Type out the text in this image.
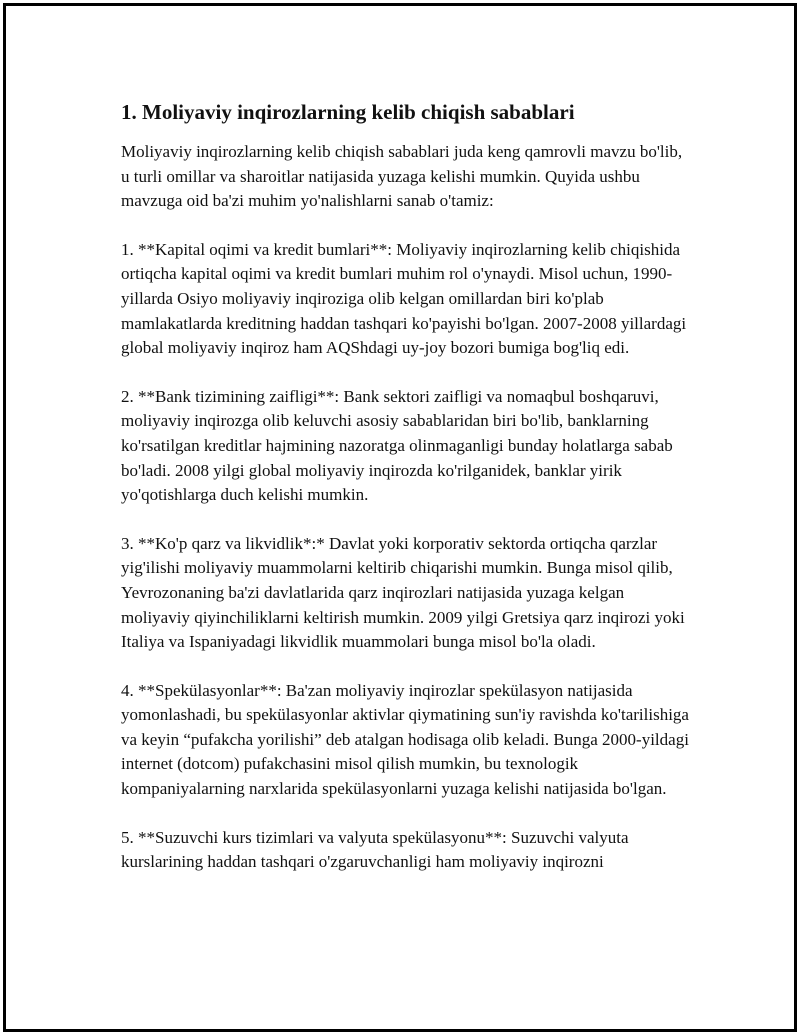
1. Moliyaviy inqirozlarning kelib chiqish sabablari

Moliyaviy inqirozlarning kelib chiqish sabablari juda keng qamrovli mavzu bo'lib, u turli omillar va sharoitlar natijasida yuzaga kelishi mumkin. Quyida ushbu mavzuga oid ba'zi muhim yo'nalishlarni sanab o'tamiz:

1. **Kapital oqimi va kredit bumlari**: Moliyaviy inqirozlarning kelib chiqishida ortiqcha kapital oqimi va kredit bumlari muhim rol o'ynaydi. Misol uchun, 1990-yillarda Osiyo moliyaviy inqiroziga olib kelgan omillardan biri ko'plab mamlakatlarda kreditning haddan tashqari ko'payishi bo'lgan. 2007-2008 yillardagi global moliyaviy inqiroz ham AQShdagi uy-joy bozori bumiga bog'liq edi.

2. **Bank tizimining zaifligi**: Bank sektori zaifligi va nomaqbul boshqaruvi, moliyaviy inqirozga olib keluvchi asosiy sabablaridan biri bo'lib, banklarning ko'rsatilgan kreditlar hajmining nazoratga olinmaganligi bunday holatlarga sabab bo'ladi. 2008 yilgi global moliyaviy inqirozda ko'rilganidek, banklar yirik yo'qotishlarga duch kelishi mumkin.

3. **Ko'p qarz va likvidlik*:* Davlat yoki korporativ sektorda ortiqcha qarzlar yig'ilishi moliyaviy muammolarni keltirib chiqarishi mumkin. Bunga misol qilib, Yevrozonaning ba'zi davlatlarida qarz inqirozlari natijasida yuzaga kelgan moliyaviy qiyinchiliklarni keltirish mumkin. 2009 yilgi Gretsiya qarz inqirozi yoki Italiya va Ispaniyadagi likvidlik muammolari bunga misol bo'la oladi.

4. **Spekülasyonlar**: Ba'zan moliyaviy inqirozlar spekülasyon natijasida yomonlashadi, bu spekülasyonlar aktivlar qiymatining sun'iy ravishda ko'tarilishiga va keyin “pufakcha yorilishi” deb atalgan hodisaga olib keladi. Bunga 2000-yildagi internet (dotcom) pufakchasini misol qilish mumkin, bu texnologik kompaniyalarning narxlarida spekülasyonlarni yuzaga kelishi natijasida bo'lgan.

5. **Suzuvchi kurs tizimlari va valyuta spekülasyonu**: Suzuvchi valyuta kurslarining haddan tashqari o'zgaruvchanligi ham moliyaviy inqirozni
